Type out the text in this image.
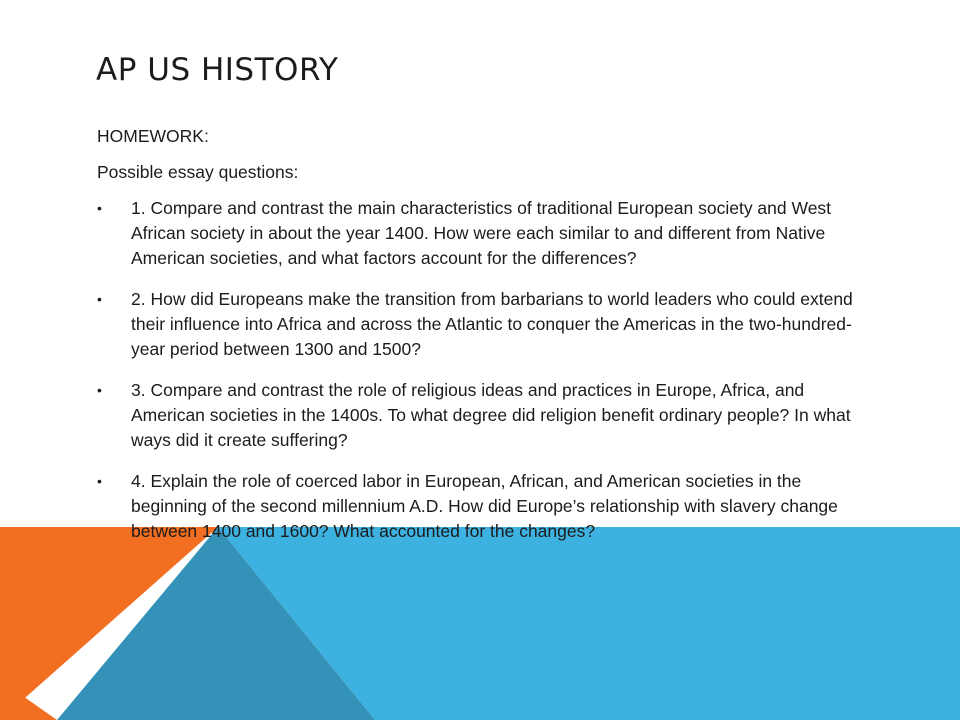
AP US HISTORY

HOMEWORK:

Possible essay questions:

• 1. Compare and contrast the main characteristics of traditional European society and West African society in about the year 1400. How were each similar to and different from Native American societies, and what factors account for the differences?
• 2. How did Europeans make the transition from barbarians to world leaders who could extend their influence into Africa and across the Atlantic to conquer the Americas in the two-hundred-year period between 1300 and 1500?
• 3. Compare and contrast the role of religious ideas and practices in Europe, Africa, and American societies in the 1400s. To what degree did religion benefit ordinary people? In what ways did it create suffering?
• 4. Explain the role of coerced labor in European, African, and American societies in the beginning of the second millennium A.D. How did Europe’s relationship with slavery change between 1400 and 1600? What accounted for the changes?
